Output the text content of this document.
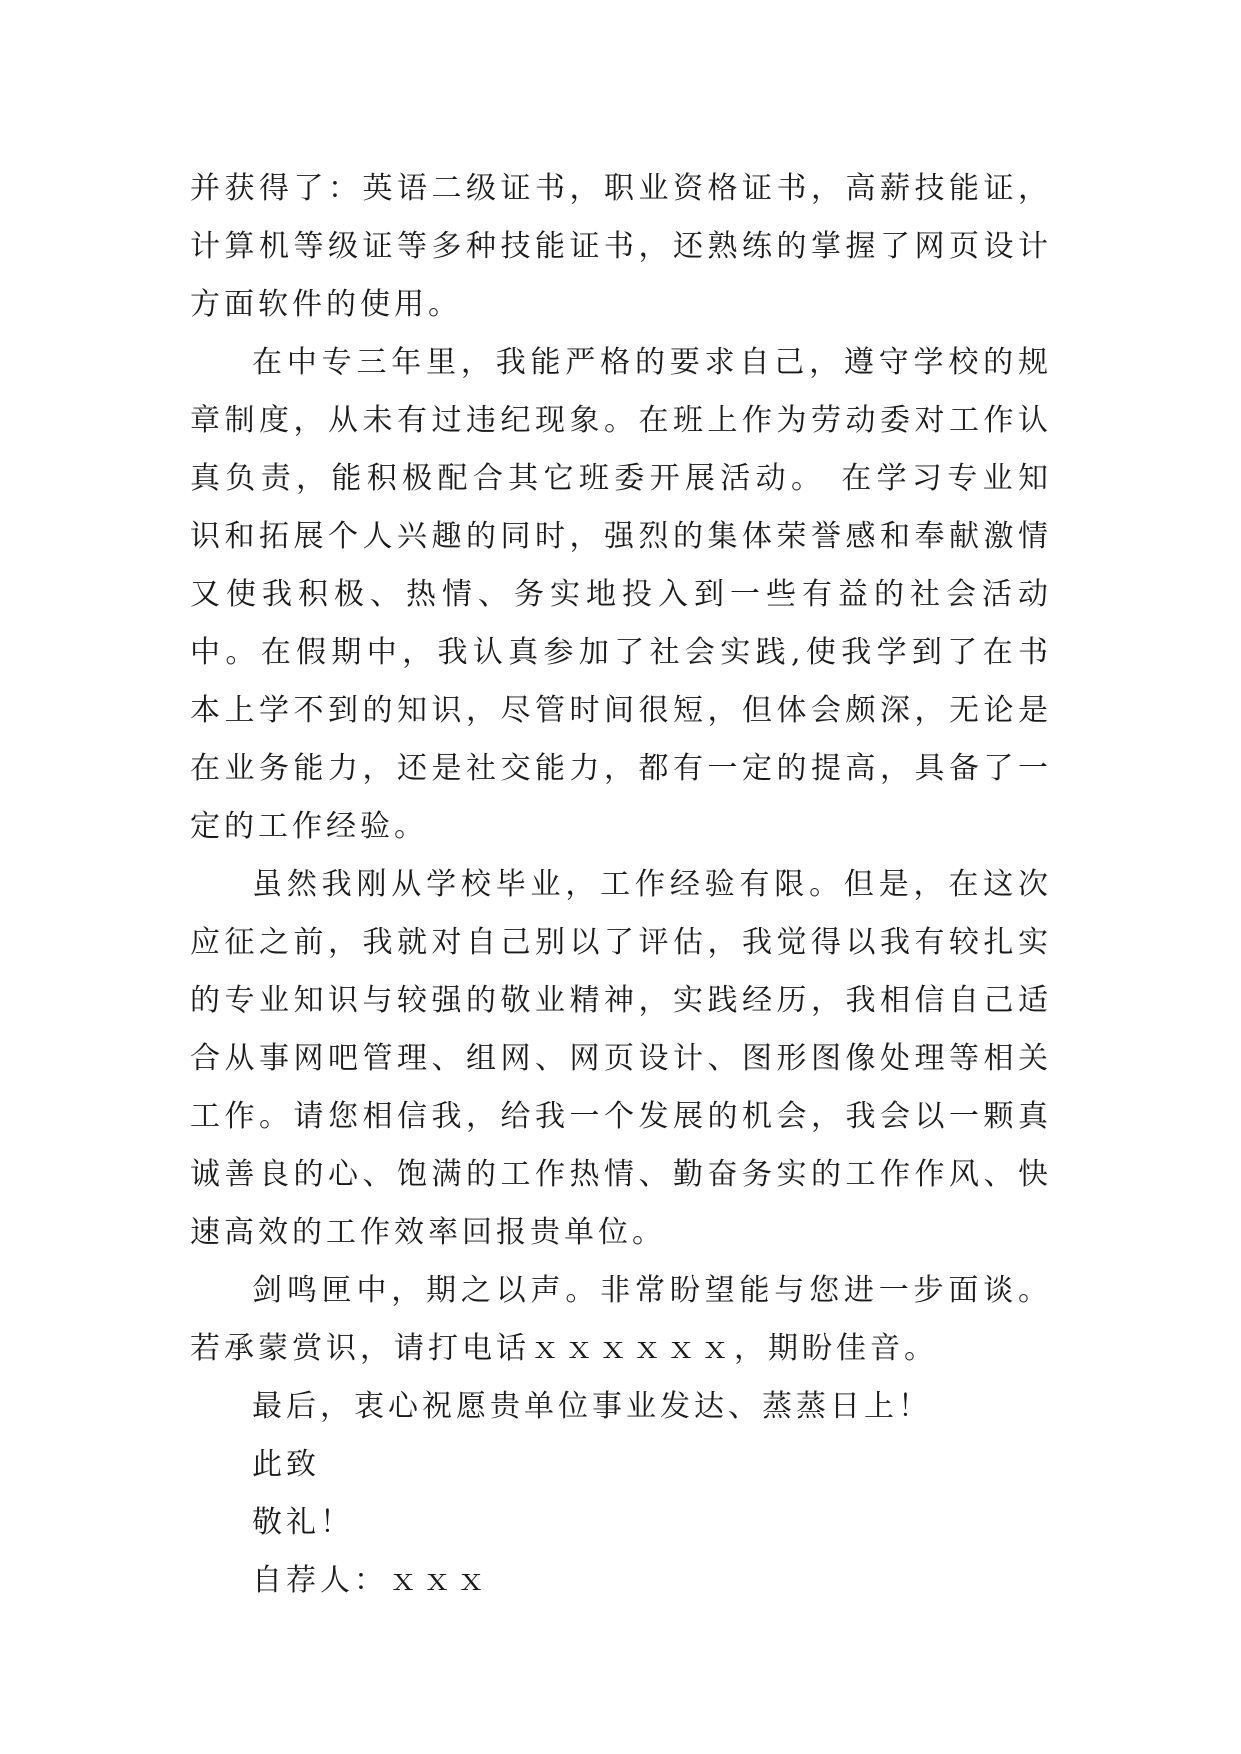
并获得了：英语二级证书，职业资格证书，高薪技能证，计算机等级证等多种技能证书，还熟练的掌握了网页设计方面软件的使用。

在中专三年里，我能严格的要求自己，遵守学校的规章制度，从未有过违纪现象。在班上作为劳动委对工作认真负责，能积极配合其它班委开展活动。 在学习专业知识和拓展个人兴趣的同时，强烈的集体荣誉感和奉献激情又使我积极、热情、务实地投入到一些有益的社会活动中。在假期中，我认真参加了社会实践,使我学到了在书本上学不到的知识，尽管时间很短，但体会颇深，无论是在业务能力，还是社交能力，都有一定的提高，具备了一定的工作经验。

虽然我刚从学校毕业，工作经验有限。但是，在这次应征之前，我就对自己别以了评估，我觉得以我有较扎实的专业知识与较强的敬业精神，实践经历，我相信自己适合从事网吧管理、组网、网页设计、图形图像处理等相关工作。请您相信我，给我一个发展的机会，我会以一颗真诚善良的心、饱满的工作热情、勤奋务实的工作作风、快速高效的工作效率回报贵单位。

剑鸣匣中，期之以声。非常盼望能与您进一步面谈。若承蒙赏识，请打电话ｘｘｘｘｘｘ，期盼佳音。

最后，衷心祝愿贵单位事业发达、蒸蒸日上！

此致

敬礼！

自荐人：ｘｘｘ
